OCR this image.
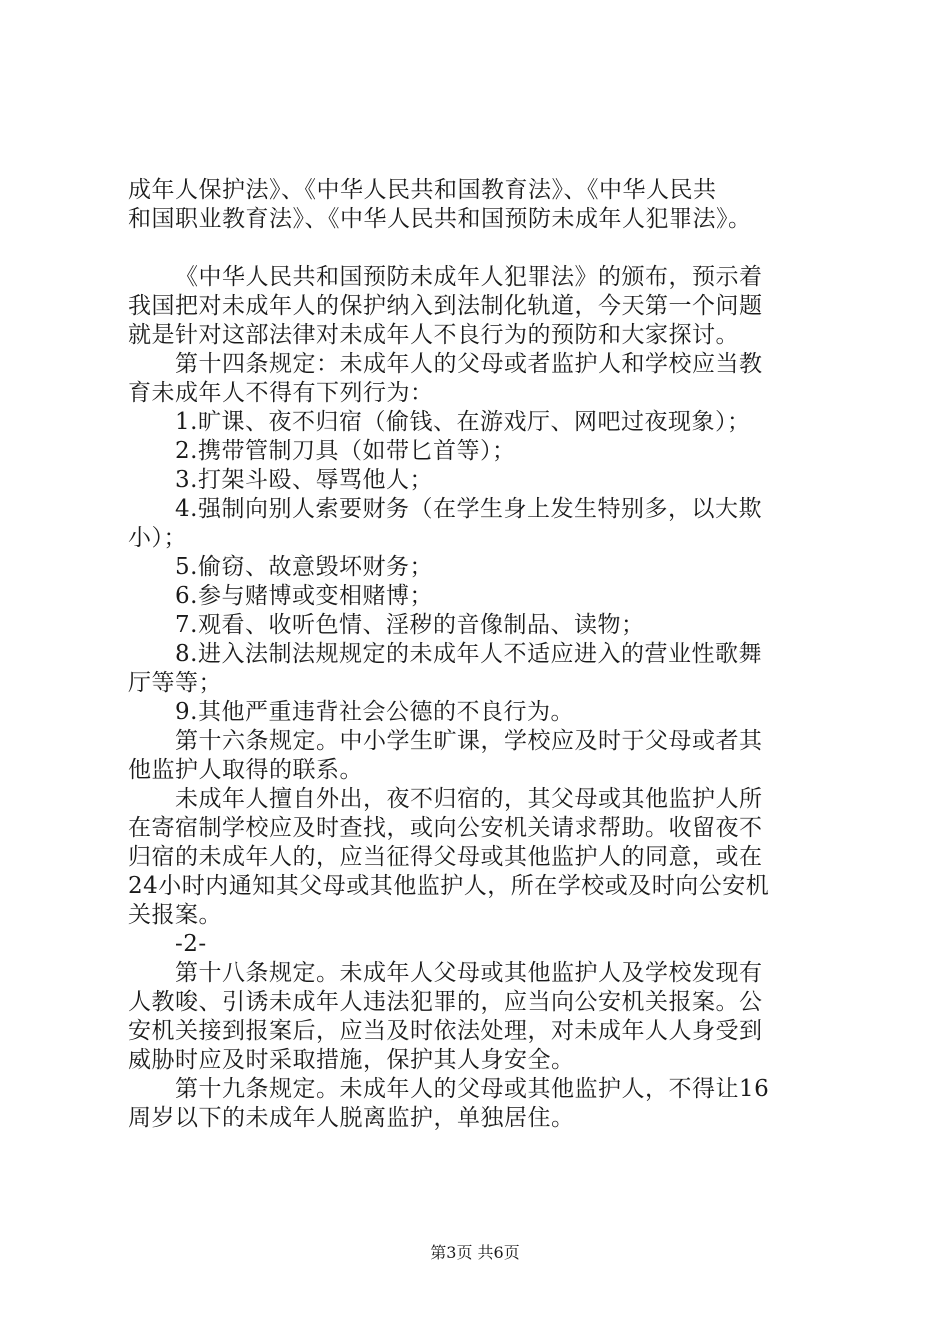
成年人保护法》、《中华人民共和国教育法》、《中华人民共

和国职业教育法》、《中华人民共和国预防未成年人犯罪法》。

《中华人民共和国预防未成年人犯罪法》的颁布，预示着

我国把对未成年人的保护纳入到法制化轨道，今天第一个问题

就是针对这部法律对未成年人不良行为的预防和大家探讨。

第十四条规定：未成年人的父母或者监护人和学校应当教

育未成年人不得有下列行为：

1.旷课、夜不归宿（偷钱、在游戏厅、网吧过夜现象）；

2.携带管制刀具（如带匕首等）；

3.打架斗殴、辱骂他人；

4.强制向别人索要财务（在学生身上发生特别多，以大欺

小）；

5.偷窃、故意毁坏财务；

6.参与赌博或变相赌博；

7.观看、收听色情、淫秽的音像制品、读物；

8.进入法制法规规定的未成年人不适应进入的营业性歌舞

厅等等；

9.其他严重违背社会公德的不良行为。

第十六条规定。中小学生旷课，学校应及时于父母或者其

他监护人取得的联系。

未成年人擅自外出，夜不归宿的，其父母或其他监护人所

在寄宿制学校应及时查找，或向公安机关请求帮助。收留夜不

归宿的未成年人的，应当征得父母或其他监护人的同意，或在

24小时内通知其父母或其他监护人，所在学校或及时向公安机

关报案。

-2-

第十八条规定。未成年人父母或其他监护人及学校发现有

人教唆、引诱未成年人违法犯罪的，应当向公安机关报案。公

安机关接到报案后，应当及时依法处理，对未成年人人身受到

威胁时应及时采取措施，保护其人身安全。

第十九条规定。未成年人的父母或其他监护人，不得让16

周岁以下的未成年人脱离监护，单独居住。

第3页 共6页
